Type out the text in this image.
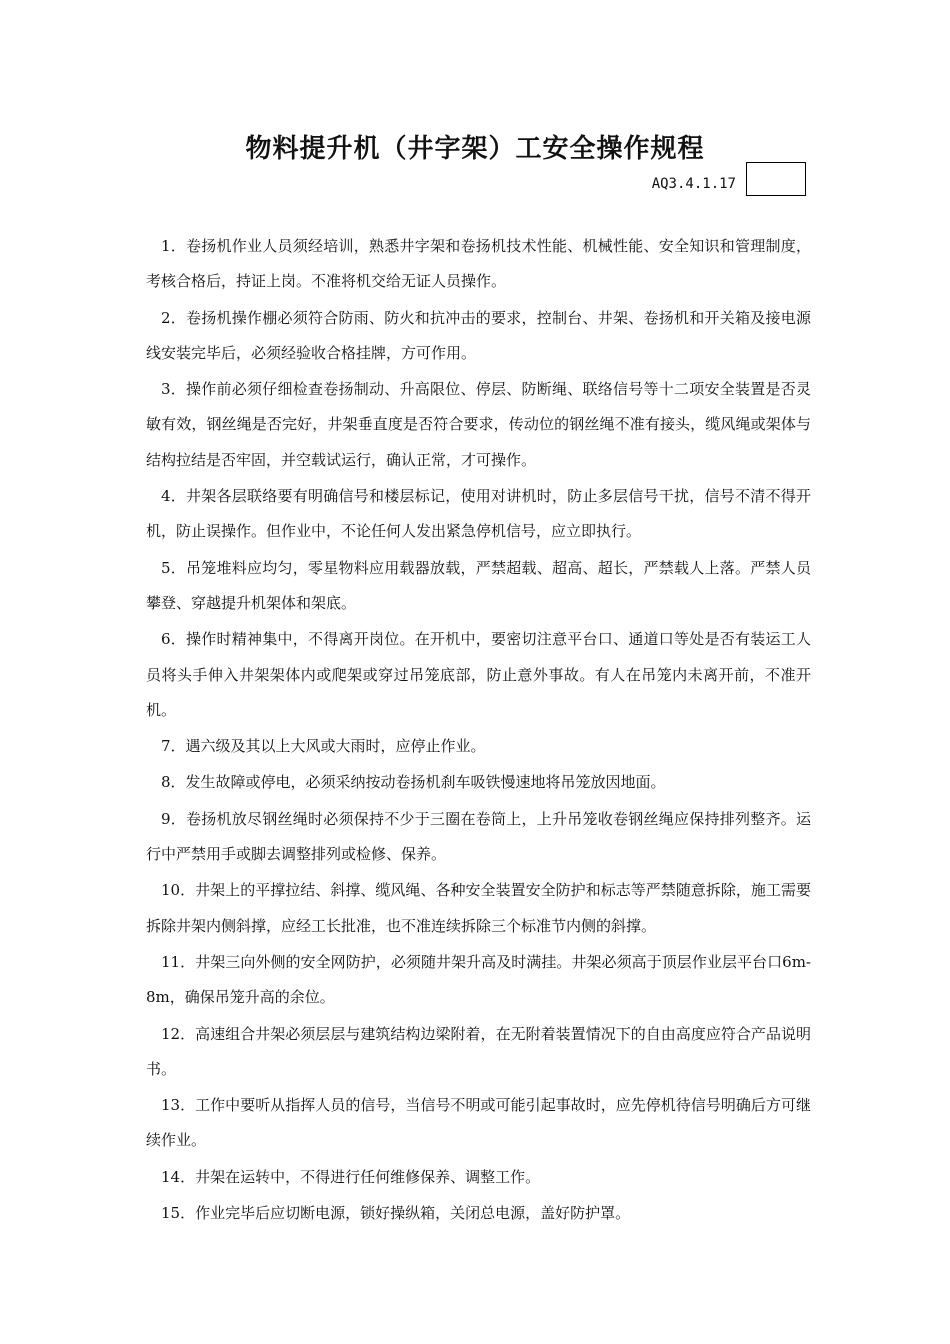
物料提升机（井字架）工安全操作规程
AQ3.4.1.17

1．卷扬机作业人员须经培训，熟悉井字架和卷扬机技术性能、机械性能、安全知识和管理制度，考核合格后，持证上岗。不准将机交给无证人员操作。

2．卷扬机操作棚必须符合防雨、防火和抗冲击的要求，控制台、井架、卷扬机和开关箱及接电源线安装完毕后，必须经验收合格挂牌，方可作用。

3．操作前必须仔细检查卷扬制动、升高限位、停层、防断绳、联络信号等十二项安全装置是否灵敏有效，钢丝绳是否完好，井架垂直度是否符合要求，传动位的钢丝绳不准有接头，缆风绳或架体与结构拉结是否牢固，并空载试运行，确认正常，才可操作。

4．井架各层联络要有明确信号和楼层标记，使用对讲机时，防止多层信号干扰，信号不清不得开机，防止误操作。但作业中，不论任何人发出紧急停机信号，应立即执行。

5．吊笼堆料应均匀，零星物料应用载器放载，严禁超载、超高、超长，严禁载人上落。严禁人员攀登、穿越提升机架体和架底。

6．操作时精神集中，不得离开岗位。在开机中，要密切注意平台口、通道口等处是否有装运工人员将头手伸入井架架体内或爬架或穿过吊笼底部，防止意外事故。有人在吊笼内未离开前，不准开机。

7．遇六级及其以上大风或大雨时，应停止作业。

8．发生故障或停电，必须采纳按动卷扬机刹车吸铁慢速地将吊笼放因地面。

9．卷扬机放尽钢丝绳时必须保持不少于三圈在卷筒上，上升吊笼收卷钢丝绳应保持排列整齐。运行中严禁用手或脚去调整排列或检修、保养。

10．井架上的平撑拉结、斜撑、缆风绳、各种安全装置安全防护和标志等严禁随意拆除，施工需要拆除井架内侧斜撑，应经工长批准，也不准连续拆除三个标准节内侧的斜撑。

11．井架三向外侧的安全网防护，必须随井架升高及时满挂。井架必须高于顶层作业层平台口6m-8m，确保吊笼升高的余位。

12．高速组合井架必须层层与建筑结构边梁附着，在无附着装置情况下的自由高度应符合产品说明书。

13．工作中要听从指挥人员的信号，当信号不明或可能引起事故时，应先停机待信号明确后方可继续作业。

14．井架在运转中，不得进行任何维修保养、调整工作。

15．作业完毕后应切断电源，锁好操纵箱，关闭总电源，盖好防护罩。
